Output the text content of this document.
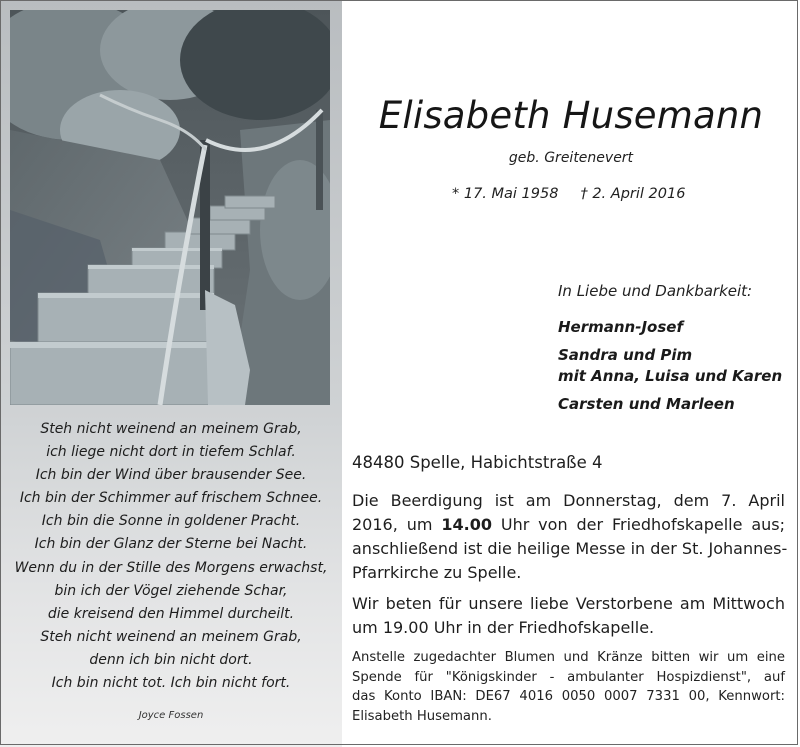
Steh nicht weinend an meinem Grab,
ich liege nicht dort in tiefem Schlaf.
Ich bin der Wind über brausender See.
Ich bin der Schimmer auf frischem Schnee.
Ich bin die Sonne in goldener Pracht.
Ich bin der Glanz der Sterne bei Nacht.
Wenn du in der Stille des Morgens erwachst,
bin ich der Vögel ziehende Schar,
die kreisend den Himmel durcheilt.
Steh nicht weinend an meinem Grab,
denn ich bin nicht dort.
Ich bin nicht tot. Ich bin nicht fort.
Joyce Fossen
Elisabeth Husemann
geb. Greitenevert
* 17. Mai 1958 † 2. April 2016
In Liebe und Dankbarkeit:
Hermann-Josef
Sandra und Pim
mit Anna, Luisa und Karen
Carsten und Marleen
48480 Spelle, Habichtstraße 4
Die Beerdigung ist am Donnerstag, dem 7. April
2016, um 14.00 Uhr von der Friedhofskapelle aus;
anschließend ist die heilige Messe in der St. Johannes-
Pfarrkirche zu Spelle.
Wir beten für unsere liebe Verstorbene am Mittwoch
um 19.00 Uhr in der Friedhofskapelle.
Anstelle zugedachter Blumen und Kränze bitten wir um eine
Spende für "Königskinder - ambulanter Hospizdienst", auf
das Konto IBAN: DE67 4016 0050 0007 7331 00, Kennwort:
Elisabeth Husemann.
